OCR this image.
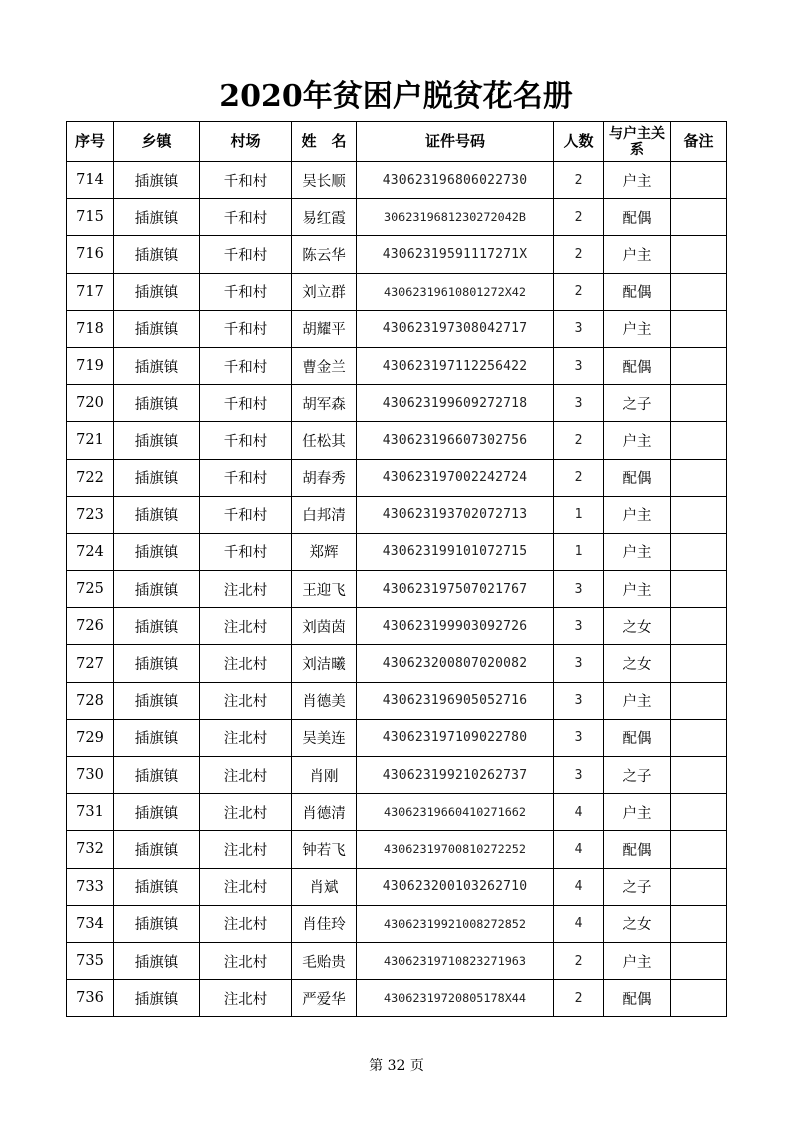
2020年贫困户脱贫花名册
序号	乡镇	村场	姓　名	证件号码	人数	与户主关系	备注
714	插旗镇	千和村	吴长顺	430623196806022730	2	户主	
715	插旗镇	千和村	易红霞	306231968123027204​2B	2	配偶	
716	插旗镇	千和村	陈云华	43062319591117271X	2	户主	
717	插旗镇	千和村	刘立群	43062319610801272X42	2	配偶	
718	插旗镇	千和村	胡耀平	430623197308042717	3	户主	
719	插旗镇	千和村	曹金兰	430623197112256422	3	配偶	
720	插旗镇	千和村	胡军森	430623199609272718	3	之子	
721	插旗镇	千和村	任松其	430623196607302756	2	户主	
722	插旗镇	千和村	胡春秀	430623197002242724	2	配偶	
723	插旗镇	千和村	白邦清	430623193702072713	1	户主	
724	插旗镇	千和村	郑辉	430623199101072715	1	户主	
725	插旗镇	注北村	王迎飞	430623197507021767	3	户主	
726	插旗镇	注北村	刘茵茵	430623199903092726	3	之女	
727	插旗镇	注北村	刘洁曦	430623200807020082	3	之女	
728	插旗镇	注北村	肖德美	430623196905052716	3	户主	
729	插旗镇	注北村	吴美连	430623197109022780	3	配偶	
730	插旗镇	注北村	肖刚	430623199210262737	3	之子	
731	插旗镇	注北村	肖德清	43062319660410271662	4	户主	
732	插旗镇	注北村	钟若飞	43062319700810272252	4	配偶	
733	插旗镇	注北村	肖斌	430623200103262710	4	之子	
734	插旗镇	注北村	肖佳玲	43062319921008272852	4	之女	
735	插旗镇	注北村	毛贻贵	43062319710823271963	2	户主	
736	插旗镇	注北村	严爱华	43062319720805178X44	2	配偶	
第 32 页
